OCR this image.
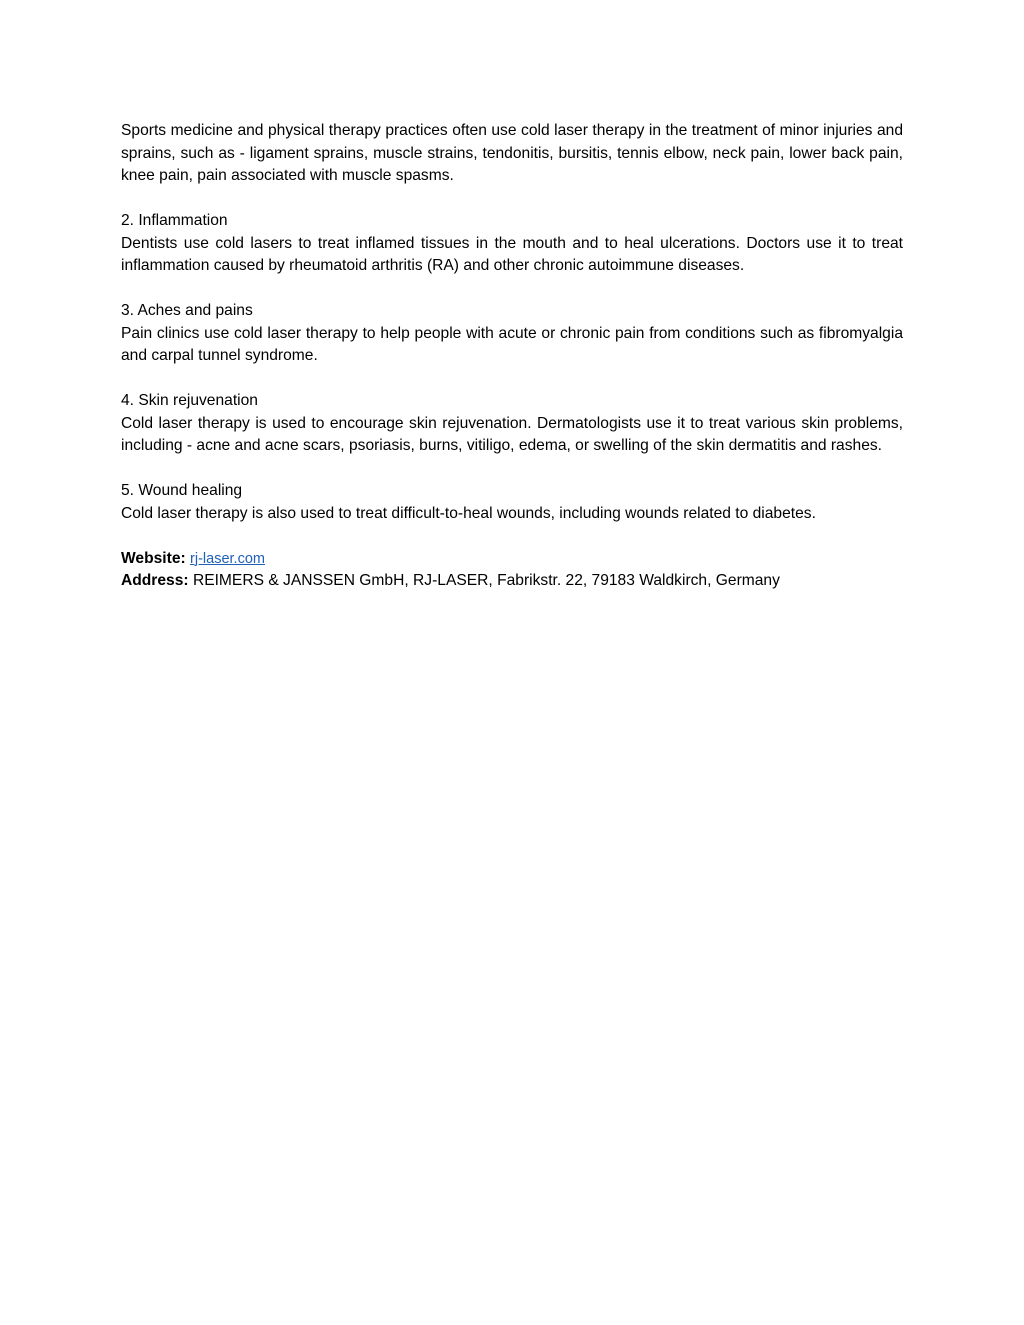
Sports medicine and physical therapy practices often use cold laser therapy in the treatment of minor injuries and sprains, such as - ligament sprains, muscle strains, tendonitis, bursitis, tennis elbow, neck pain, lower back pain, knee pain, pain associated with muscle spasms.

2. Inflammation

Dentists use cold lasers to treat inflamed tissues in the mouth and to heal ulcerations. Doctors use it to treat inflammation caused by rheumatoid arthritis (RA) and other chronic autoimmune diseases.

3. Aches and pains

Pain clinics use cold laser therapy to help people with acute or chronic pain from conditions such as fibromyalgia and carpal tunnel syndrome.

4. Skin rejuvenation

Cold laser therapy is used to encourage skin rejuvenation. Dermatologists use it to treat various skin problems, including - acne and acne scars, psoriasis, burns, vitiligo, edema, or swelling of the skin dermatitis and rashes.

5. Wound healing

Cold laser therapy is also used to treat difficult-to-heal wounds, including wounds related to diabetes.

Website: rj-laser.com

Address: REIMERS & JANSSEN GmbH, RJ-LASER, Fabrikstr. 22, 79183 Waldkirch, Germany
